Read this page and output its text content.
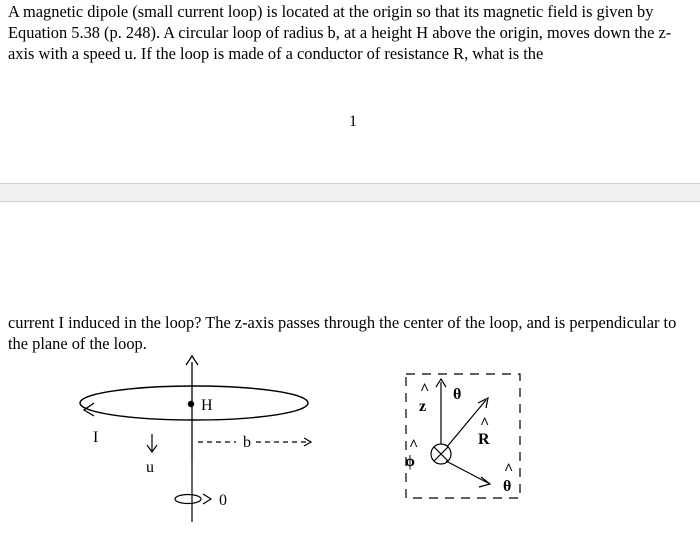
A magnetic dipole (small current loop) is located at the origin so that its magnetic field is given by Equation 5.38 (p. 248). A circular loop of radius b, at a height H above the origin, moves down the z-axis with a speed u. If the loop is made of a conductor of resistance R, what is the

1

current I induced in the loop? The z-axis passes through the center of the loop, and is perpendicular to the plane of the loop.

H
I
u
b
0
^
z
θ
^
R
^
ϕ	^
θ
